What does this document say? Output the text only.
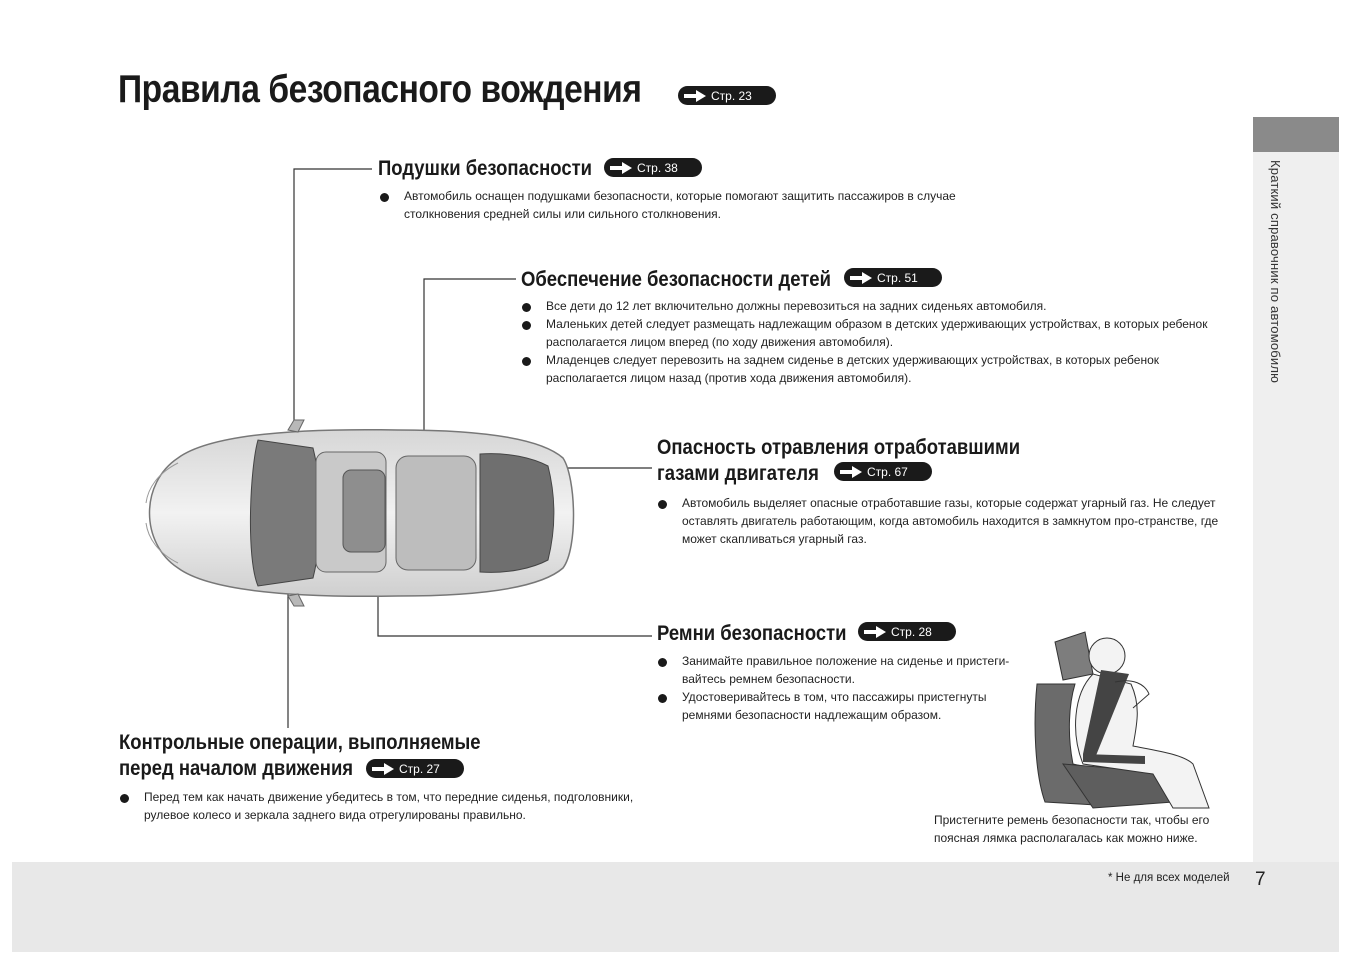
Краткий справочник по автомобилю
Правила безопасного вождения	Стр. 23
Подушки безопасности	Стр. 38
Автомобиль оснащен подушками безопасности, которые помогают защитить пассажиров в случае столкновения средней силы или сильного столкновения.
Обеспечение безопасности детей	Стр. 51
Все дети до 12 лет включительно должны перевозиться на задних сиденьях автомобиля.
Маленьких детей следует размещать надлежащим образом в детских удерживающих устройствах, в которых ребенок располагается лицом вперед (по ходу движения автомобиля).
Младенцев следует перевозить на заднем сиденье в детских удерживающих устройствах, в которых ребенок располагается лицом назад (против хода движения автомобиля).
Опасность отравления отработавшими
газами двигателя	Стр. 67
Автомобиль выделяет опасные отработавшие газы, которые содержат угарный газ. Не следует оставлять двигатель работающим, когда автомобиль находится в замкнутом про-странстве, где может скапливаться угарный газ.
Ремни безопасности	Стр. 28
Занимайте правильное положение на сиденье и пристеги-вайтесь ремнем безопасности.
Удостоверивайтесь в том, что пассажиры пристегнуты ремнями безопасности надлежащим образом.
Пристегните ремень безопасности так, чтобы его поясная лямка располагалась как можно ниже.
Контрольные операции, выполняемые
перед началом движения	Стр. 27
Перед тем как начать движение убедитесь в том, что передние сиденья, подголовники, рулевое колесо и зеркала заднего вида отрегулированы правильно.
* Не для всех моделей 7
